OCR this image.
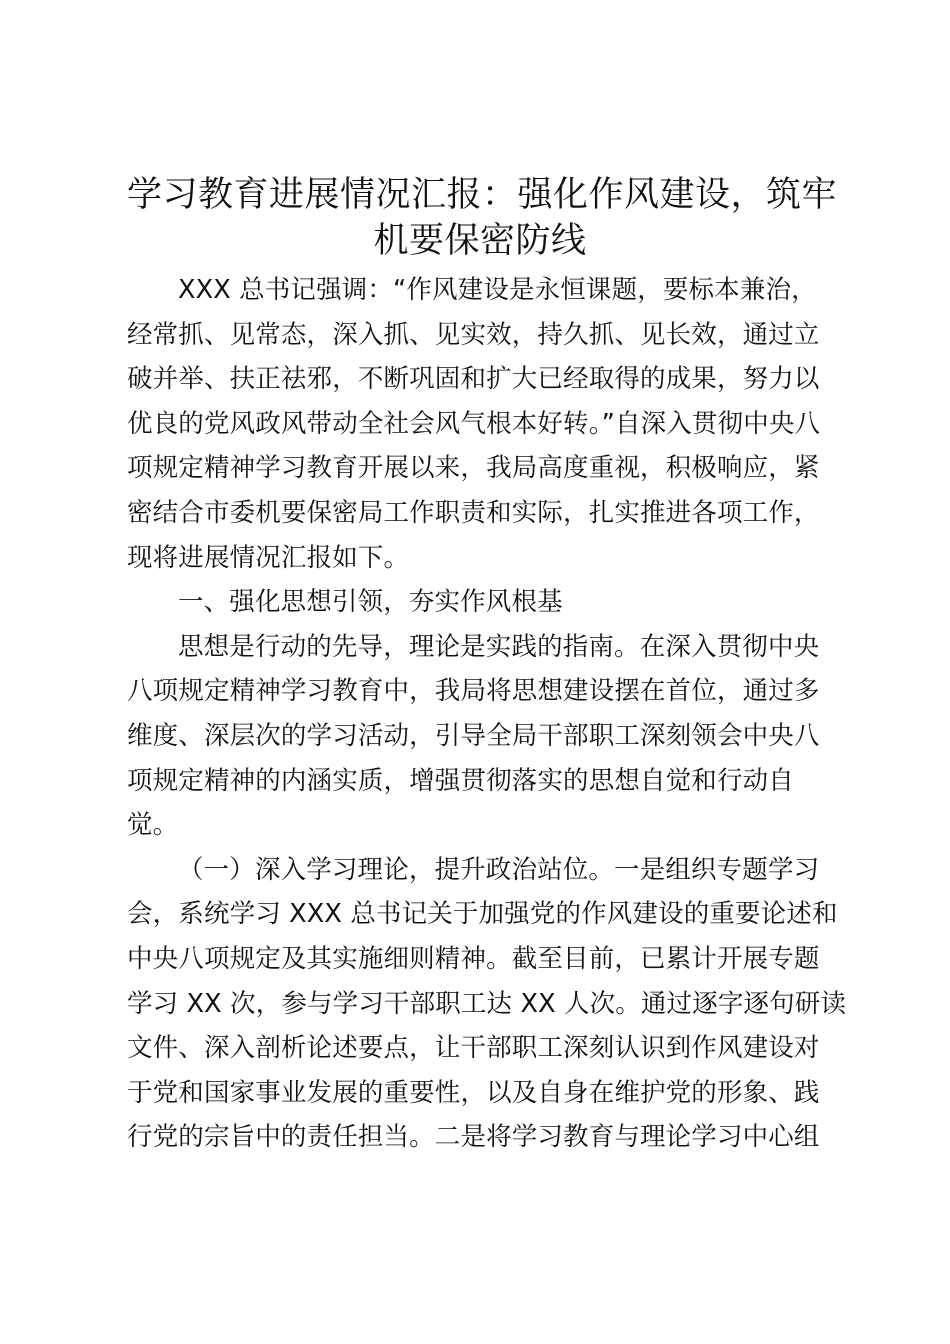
学习教育进展情况汇报：强化作风建设，筑牢
机要保密防线

XXX 总书记强调：“作风建设是永恒课题，要标本兼治，

经常抓、见常态，深入抓、见实效，持久抓、见长效，通过立

破并举、扶正祛邪，不断巩固和扩大已经取得的成果，努力以

优良的党风政风带动全社会风气根本好转。”自深入贯彻中央八

项规定精神学习教育开展以来，我局高度重视，积极响应，紧

密结合市委机要保密局工作职责和实际，扎实推进各项工作，

现将进展情况汇报如下。

一、强化思想引领，夯实作风根基

思想是行动的先导，理论是实践的指南。在深入贯彻中央

八项规定精神学习教育中，我局将思想建设摆在首位，通过多

维度、深层次的学习活动，引导全局干部职工深刻领会中央八

项规定精神的内涵实质，增强贯彻落实的思想自觉和行动自

觉。

（一）深入学习理论，提升政治站位。一是组织专题学习

会，系统学习 XXX 总书记关于加强党的作风建设的重要论述和

中央八项规定及其实施细则精神。截至目前，已累计开展专题

学习 XX 次，参与学习干部职工达 XX 人次。通过逐字逐句研读

文件、深入剖析论述要点，让干部职工深刻认识到作风建设对

于党和国家事业发展的重要性，以及自身在维护党的形象、践

行党的宗旨中的责任担当。二是将学习教育与理论学习中心组
